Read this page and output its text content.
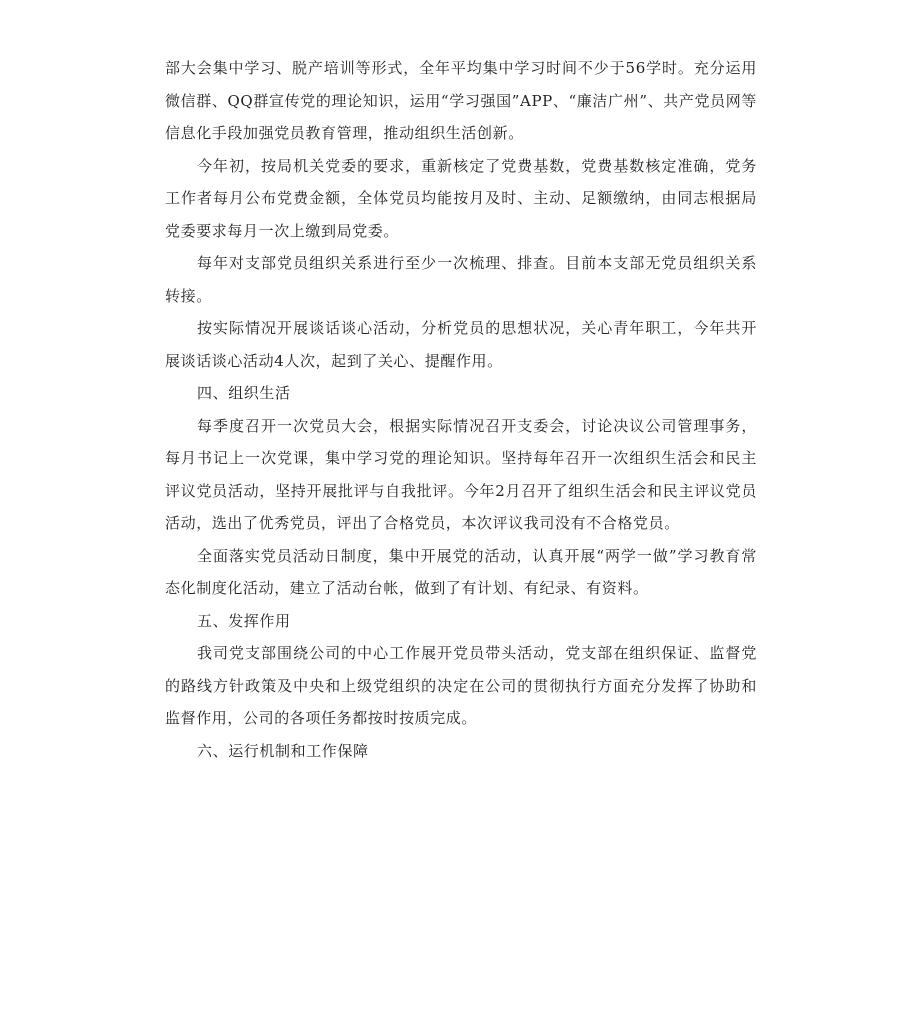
部大会集中学习、脱产培训等形式，全年平均集中学习时间不少于56学时。充分运用微信群、QQ群宣传党的理论知识，运用“学习强国”APP、“廉洁广州”、共产党员网等信息化手段加强党员教育管理，推动组织生活创新。

今年初，按局机关党委的要求，重新核定了党费基数，党费基数核定准确，党务工作者每月公布党费金额，全体党员均能按月及时、主动、足额缴纳，由同志根据局党委要求每月一次上缴到局党委。

每年对支部党员组织关系进行至少一次梳理、排查。目前本支部无党员组织关系转接。

按实际情况开展谈话谈心活动，分析党员的思想状况，关心青年职工，今年共开展谈话谈心活动4人次，起到了关心、提醒作用。

四、组织生活

每季度召开一次党员大会，根据实际情况召开支委会，讨论决议公司管理事务，每月书记上一次党课，集中学习党的理论知识。坚持每年召开一次组织生活会和民主评议党员活动，坚持开展批评与自我批评。今年2月召开了组织生活会和民主评议党员活动，选出了优秀党员，评出了合格党员，本次评议我司没有不合格党员。

全面落实党员活动日制度，集中开展党的活动，认真开展“两学一做”学习教育常态化制度化活动，建立了活动台帐，做到了有计划、有纪录、有资料。

五、发挥作用

我司党支部围绕公司的中心工作展开党员带头活动，党支部在组织保证、监督党的路线方针政策及中央和上级党组织的决定在公司的贯彻执行方面充分发挥了协助和监督作用，公司的各项任务都按时按质完成。

六、运行机制和工作保障
